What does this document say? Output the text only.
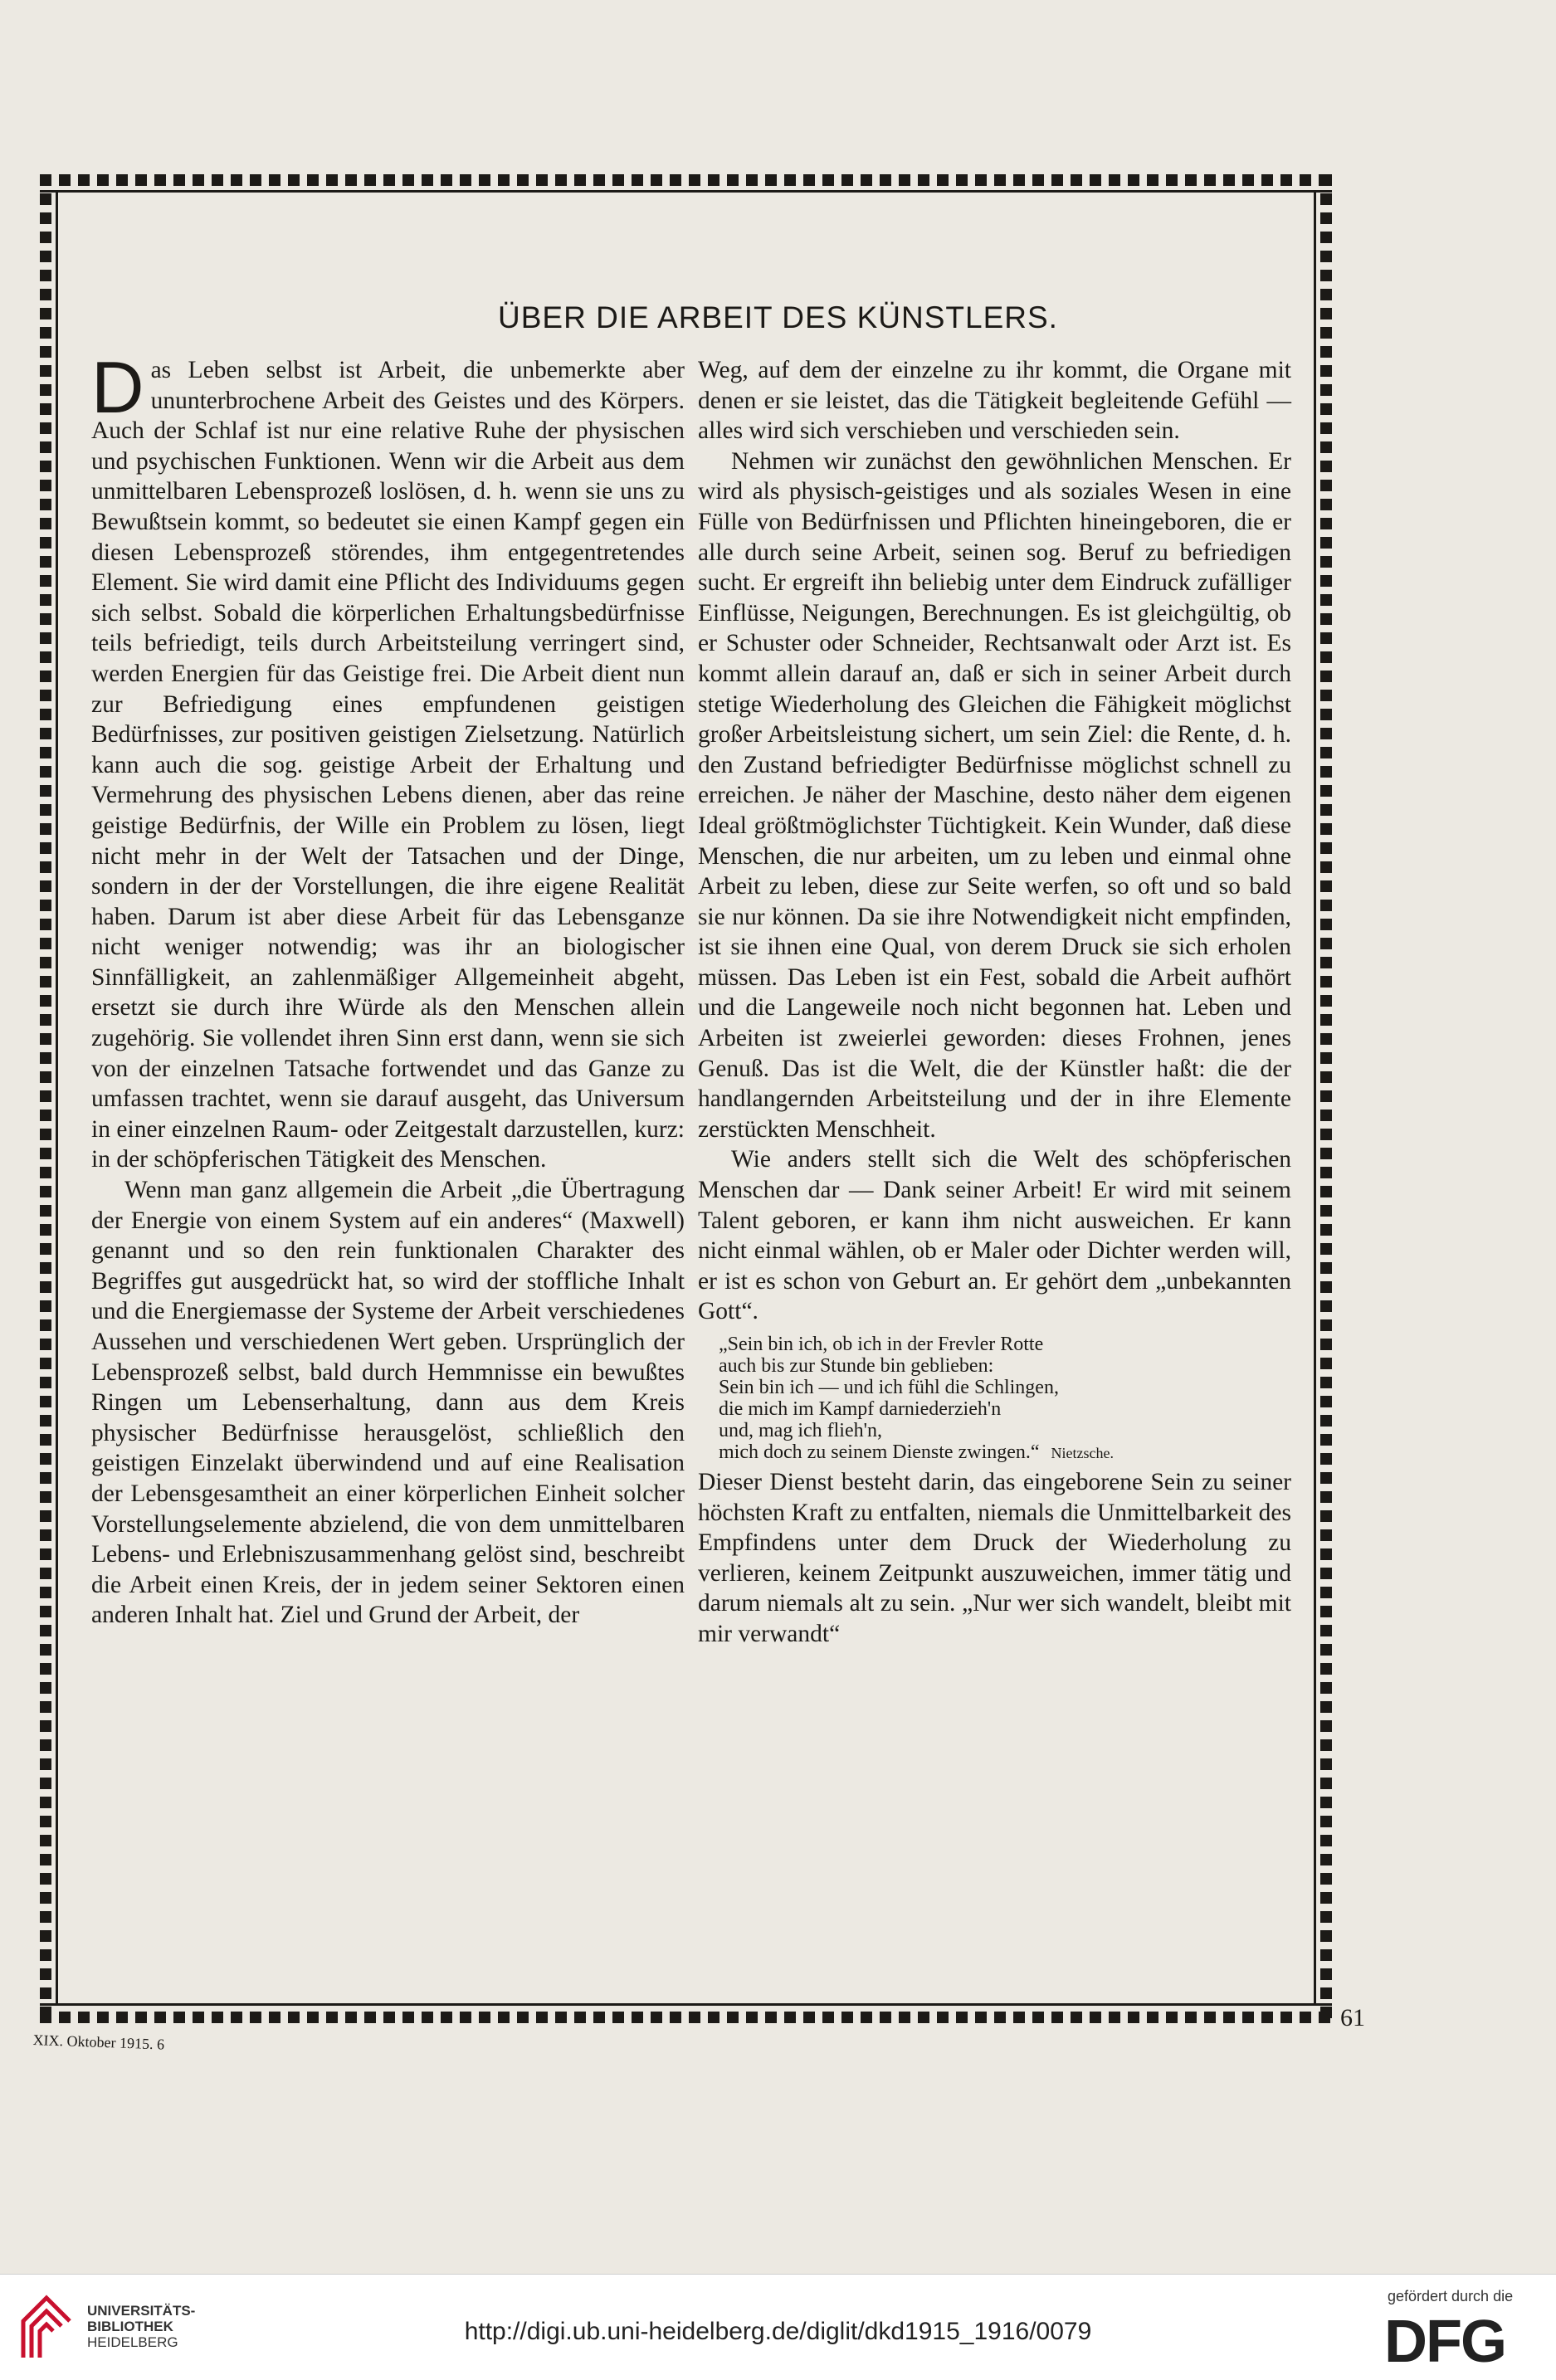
ÜBER DIE ARBEIT DES KÜNSTLERS.

Das Leben selbst ist Arbeit, die unbemerkte aber ununterbrochene Arbeit des Geistes und des Körpers. Auch der Schlaf ist nur eine relative Ruhe der physischen und psychischen Funktionen. Wenn wir die Arbeit aus dem unmittelbaren Lebensprozeß loslösen, d. h. wenn sie uns zu Bewußtsein kommt, so bedeutet sie einen Kampf gegen ein diesen Lebensprozeß störendes, ihm entgegentretendes Element. Sie wird damit eine Pflicht des Individuums gegen sich selbst. Sobald die körperlichen Erhaltungsbedürfnisse teils befriedigt, teils durch Arbeitsteilung verringert sind, werden Energien für das Geistige frei. Die Arbeit dient nun zur Befriedigung eines empfundenen geistigen Bedürfnisses, zur positiven geistigen Zielsetzung. Natürlich kann auch die sog. geistige Arbeit der Erhaltung und Vermehrung des physischen Lebens dienen, aber das reine geistige Bedürfnis, der Wille ein Problem zu lösen, liegt nicht mehr in der Welt der Tatsachen und der Dinge, sondern in der der Vorstellungen, die ihre eigene Realität haben. Darum ist aber diese Arbeit für das Lebensganze nicht weniger notwendig; was ihr an biologischer Sinnfälligkeit, an zahlenmäßiger Allgemeinheit abgeht, ersetzt sie durch ihre Würde als den Menschen allein zugehörig. Sie vollendet ihren Sinn erst dann, wenn sie sich von der einzelnen Tatsache fortwendet und das Ganze zu umfassen trachtet, wenn sie darauf ausgeht, das Universum in einer einzelnen Raum- oder Zeitgestalt darzustellen, kurz: in der schöpferischen Tätigkeit des Menschen.

Wenn man ganz allgemein die Arbeit „die Übertragung der Energie von einem System auf ein anderes“ (Maxwell) genannt und so den rein funktionalen Charakter des Begriffes gut ausgedrückt hat, so wird der stoffliche Inhalt und die Energiemasse der Systeme der Arbeit verschiedenes Aussehen und verschiedenen Wert geben. Ursprünglich der Lebensprozeß selbst, bald durch Hemmnisse ein bewußtes Ringen um Lebenserhaltung, dann aus dem Kreis physischer Bedürfnisse herausgelöst, schließlich den geistigen Einzelakt überwindend und auf eine Realisation der Lebensgesamtheit an einer körperlichen Einheit solcher Vorstellungselemente abzielend, die von dem unmittelbaren Lebens- und Erlebniszusammenhang gelöst sind, beschreibt die Arbeit einen Kreis, der in jedem seiner Sektoren einen anderen Inhalt hat. Ziel und Grund der Arbeit, der

Weg, auf dem der einzelne zu ihr kommt, die Organe mit denen er sie leistet, das die Tätigkeit begleitende Gefühl — alles wird sich verschieben und verschieden sein.

Nehmen wir zunächst den gewöhnlichen Menschen. Er wird als physisch-geistiges und als soziales Wesen in eine Fülle von Bedürfnissen und Pflichten hineingeboren, die er alle durch seine Arbeit, seinen sog. Beruf zu befriedigen sucht. Er ergreift ihn beliebig unter dem Eindruck zufälliger Einflüsse, Neigungen, Berechnungen. Es ist gleichgültig, ob er Schuster oder Schneider, Rechtsanwalt oder Arzt ist. Es kommt allein darauf an, daß er sich in seiner Arbeit durch stetige Wiederholung des Gleichen die Fähigkeit möglichst großer Arbeitsleistung sichert, um sein Ziel: die Rente, d. h. den Zustand befriedigter Bedürfnisse möglichst schnell zu erreichen. Je näher der Maschine, desto näher dem eigenen Ideal größtmöglichster Tüchtigkeit. Kein Wunder, daß diese Menschen, die nur arbeiten, um zu leben und einmal ohne Arbeit zu leben, diese zur Seite werfen, so oft und so bald sie nur können. Da sie ihre Notwendigkeit nicht empfinden, ist sie ihnen eine Qual, von derem Druck sie sich erholen müssen. Das Leben ist ein Fest, sobald die Arbeit aufhört und die Langeweile noch nicht begonnen hat. Leben und Arbeiten ist zweierlei geworden: dieses Frohnen, jenes Genuß. Das ist die Welt, die der Künstler haßt: die der handlangernden Arbeitsteilung und der in ihre Elemente zerstückten Menschheit.

Wie anders stellt sich die Welt des schöpferischen Menschen dar — Dank seiner Arbeit! Er wird mit seinem Talent geboren, er kann ihm nicht ausweichen. Er kann nicht einmal wählen, ob er Maler oder Dichter werden will, er ist es schon von Geburt an. Er gehört dem „unbekannten Gott“.

„Sein bin ich, ob ich in der Frevler Rotte
auch bis zur Stunde bin geblieben:
Sein bin ich — und ich fühl die Schlingen,
die mich im Kampf darniederzieh'n
und, mag ich flieh'n,
mich doch zu seinem Dienste zwingen.“ Nietzsche.

Dieser Dienst besteht darin, das eingeborene Sein zu seiner höchsten Kraft zu entfalten, niemals die Unmittelbarkeit des Empfindens unter dem Druck der Wiederholung zu verlieren, keinem Zeitpunkt auszuweichen, immer tätig und darum niemals alt zu sein. „Nur wer sich wandelt, bleibt mit mir verwandt“

61
XIX. Oktober 1915. 6
UNIVERSITÄTS-
BIBLIOTHEK
HEIDELBERG	http://digi.ub.uni-heidelberg.de/diglit/dkd1915_1916/0079
gefördert durch die
DFG
